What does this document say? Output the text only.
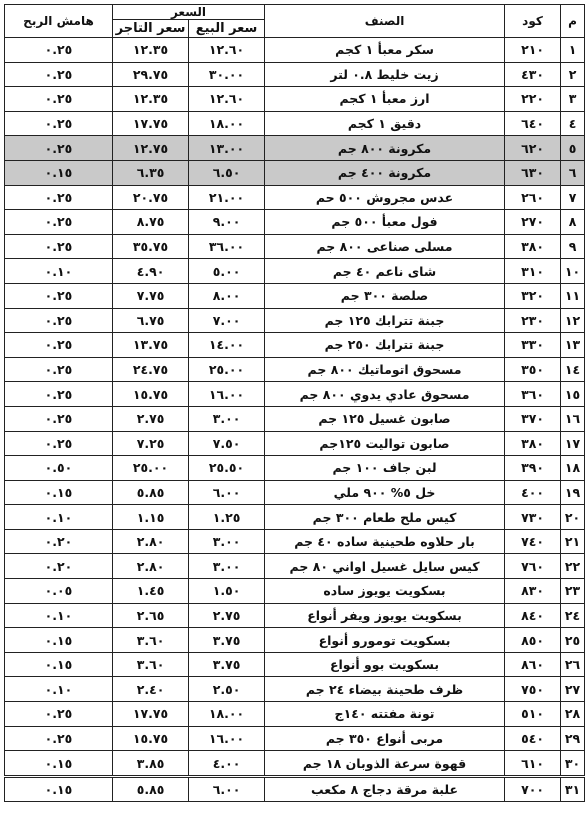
م	كود	الصنف	السعر		هامش الربح
			سعر البيع	سعر التاجر	
١	٢١٠	سكر معبأ ١ كجم	١٢.٦٠	١٢.٣٥	٠.٢٥
٢	٤٣٠	زيت خليط ٠.٨ لتر	٣٠.٠٠	٢٩.٧٥	٠.٢٥
٣	٢٢٠	ارز معبأ ١ كجم	١٢.٦٠	١٢.٣٥	٠.٢٥
٤	٦٤٠	دقيق ١ كجم	١٨.٠٠	١٧.٧٥	٠.٢٥
٥	٦٢٠	مكرونة ٨٠٠ جم	١٣.٠٠	١٢.٧٥	٠.٢٥
٦	٦٣٠	مكرونة ٤٠٠ جم	٦.٥٠	٦.٣٥	٠.١٥
٧	٢٦٠	عدس مجروش ٥٠٠ حم	٢١.٠٠	٢٠.٧٥	٠.٢٥
٨	٢٧٠	فول معبأ ٥٠٠ جم	٩.٠٠	٨.٧٥	٠.٢٥
٩	٣٨٠	مسلى صناعى ٨٠٠ جم	٣٦.٠٠	٣٥.٧٥	٠.٢٥
١٠	٣١٠	شاى ناعم ٤٠ جم	٥.٠٠	٤.٩٠	٠.١٠
١١	٣٢٠	صلصة ٣٠٠ جم	٨.٠٠	٧.٧٥	٠.٢٥
١٢	٢٣٠	جبنة تترابك ١٢٥ جم	٧.٠٠	٦.٧٥	٠.٢٥
١٣	٣٣٠	جبنة تترابك ٢٥٠ جم	١٤.٠٠	١٣.٧٥	٠.٢٥
١٤	٣٥٠	مسحوق اتوماتيك ٨٠٠ جم	٢٥.٠٠	٢٤.٧٥	٠.٢٥
١٥	٣٦٠	مسحوق عادي يدوي ٨٠٠ جم	١٦.٠٠	١٥.٧٥	٠.٢٥
١٦	٣٧٠	صابون غسيل ١٢٥ جم	٣.٠٠	٢.٧٥	٠.٢٥
١٧	٣٨٠	صابون تواليت ١٢٥جم	٧.٥٠	٧.٢٥	٠.٢٥
١٨	٣٩٠	لبن جاف ١٠٠ جم	٢٥.٥٠	٢٥.٠٠	٠.٥٠
١٩	٤٠٠	خل ٥% ٩٠٠ ملي	٦.٠٠	٥.٨٥	٠.١٥
٢٠	٧٣٠	كيس ملح طعام ٣٠٠ جم	١.٢٥	١.١٥	٠.١٠
٢١	٧٤٠	بار حلاوه طحينية ساده ٤٠ جم	٣.٠٠	٢.٨٠	٠.٢٠
٢٢	٧٦٠	كيس سايل غسيل اواني ٨٠ جم	٣.٠٠	٢.٨٠	٠.٢٠
٢٣	٨٣٠	بسكويت يويوز ساده	١.٥٠	١.٤٥	٠.٠٥
٢٤	٨٤٠	بسكويت يويوز ويفر أنواع	٢.٧٥	٢.٦٥	٠.١٠
٢٥	٨٥٠	بسكويت تومورو أنواع	٣.٧٥	٣.٦٠	٠.١٥
٢٦	٨٦٠	بسكويت بوو أنواع	٣.٧٥	٣.٦٠	٠.١٥
٢٧	٧٥٠	ظرف طحينة بيضاء ٢٤ جم	٢.٥٠	٢.٤٠	٠.١٠
٢٨	٥١٠	تونة مفتته ١٤٠ج	١٨.٠٠	١٧.٧٥	٠.٢٥
٢٩	٥٤٠	مربى أنواع ٣٥٠ جم	١٦.٠٠	١٥.٧٥	٠.٢٥
٣٠	٦١٠	قهوة سرعة الذوبان ١٨ جم	٤.٠٠	٣.٨٥	٠.١٥
٣١	٧٠٠	علبة مرقة دجاج ٨ مكعب	٦.٠٠	٥.٨٥	٠.١٥
